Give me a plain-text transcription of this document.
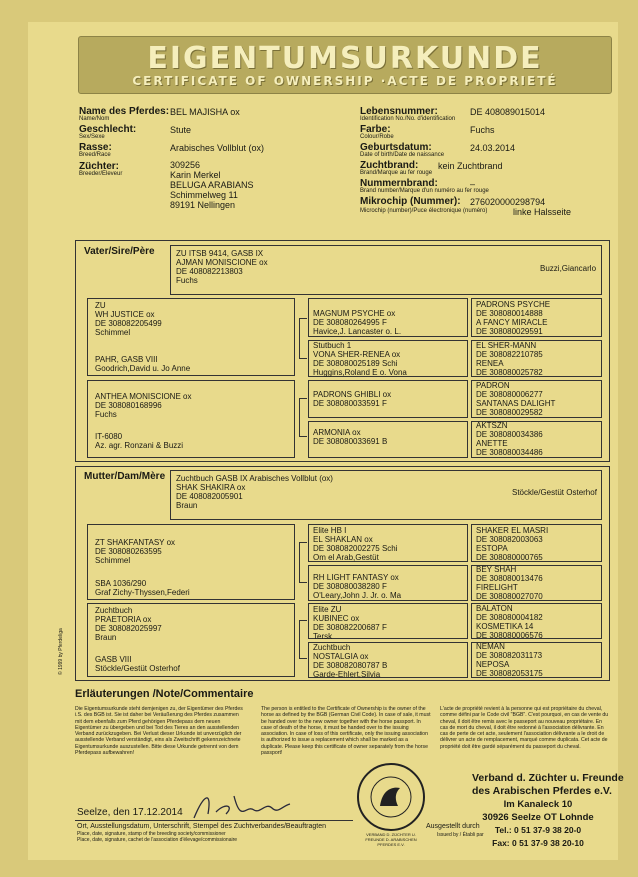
EIGENTUMSURKUNDE
CERTIFICATE OF OWNERSHIP ·ACTE DE PROPRIETÉ
Name des Pferdes:
Name/Nom
BEL MAJISHA ox
Geschlecht:
Sex/Sexe
Stute
Rasse:
Breed/Race
Arabisches Vollblut (ox)
Züchter:
Breeder/Eleveur
309256
Karin Merkel
BELUGA ARABIANS
Schimmelweg 11
89191 Nellingen
Lebensnummer:
Identification No./No. d'identification
DE 408089015014
Farbe:
Colour/Robe
Fuchs
Geburtsdatum:
Date of birth/Date de naissance
24.03.2014
Zuchtbrand:
Brand/Marque au fer rouge
kein Zuchtbrand
Nummernbrand:
Brand number/Marque d'un numéro au fer rouge
–
Mikrochip (Nummer):
Microchip (number)/Puce électronique (numéro)
276020000298794
linke Halsseite
Vater/Sire/Père	ZU ITSB 9414, GASB IX
AJMAN MONISCIONE ox
DE 408082213803
Fuchs
Buzzi,Giancarlo
ZU
WH JUSTICE ox
DE 308082205499
Schimmel
PAHR, GASB VIII
Goodrich,David u. Jo Anne
ANTHEA MONISCIONE ox
DE 308080168996
Fuchs
IT-6080
Az. agr. Ronzani & Buzzi
Mutter/Dam/Mère Zuchtbuch GASB IX Arabisches Vollblut (ox)
SHAK SHAKIRA ox
DE 408082005901
Braun
Stöckle/Gestüt Osterhof
ZT SHAKFANTASY ox
DE 308080263595
Schimmel
SBA 1036/290
Graf Zichy-Thyssen,Federi
Zuchtbuch
PRAETORIA ox
DE 308082025997
Braun
GASB VIII
Stöckle/Gestüt Osterhof
MAGNUM PSYCHE ox
DE 308080264995 F
Havice,J. Lancaster o. L.
Stutbuch 1
VONA SHER-RENEA ox
DE 308080025189 Schi
Huggins,Roland E o. Vona
PADRONS GHIBLI ox
DE 308080033591 F
ARMONIA ox
DE 308080033691 B
Elite HB I
EL SHAKLAN ox
DE 308082002275 Schi
Om el Arab,Gestüt
RH LIGHT FANTASY ox
DE 308080038280 F
O'Leary,John J. Jr. o. Ma
Elite ZU
KUBINEC ox
DE 308082200687 F
Tersk
Zuchtbuch
NOSTALGIA ox
DE 308082080787 B
Garde-Ehlert,Silvia
PADRONS PSYCHE
DE 308080014888
A FANCY MIRACLE
DE 308080029591
EL SHER-MANN
DE 308082210785
RENEA
DE 308080025782
PADRON
DE 308080006277
SANTANAS DALIGHT
DE 308080029582
AKTSZN
DE 308080034386
ANETTE
DE 308080034486
SHAKER EL MASRI
DE 308082003063
ESTOPA
DE 308080000765
BEY SHAH
DE 308080013476
FIRELIGHT
DE 308080027070
BALATON
DE 308080004182
KOSMETIKA 14
DE 308080006576
NEMAN
DE 308082031173
NEPOSA
DE 308082053175
© 1999 by Pferdeliga
Erläuterungen /Note/Commentaire
Die Eigentumsurkunde steht demjenigen zu, der Eigentümer des Pferdes i.S. des BGB ist. Sie ist daher bei Veräußerung des Pferdes zusammen mit dem ebenfalls zum Pferd gehörigen Pferdepass dem neuen Eigentümer zu übergeben und bei Tod des Tieres an den ausstellenden Verband zurückzugeben. Bei Verlust dieser Urkunde ist unverzüglich der ausstellende Verband verständigt, eins als Zweitschrift gekennzeichnete Eigentumsurkunde auszustellen. Bitte diese Urkunde getrennt von dem Pferdepass aufbewahren!
The person is entitled to the Certificate of Ownership is the owner of the horse as defined by the BGB (German Civil Code). In case of sale, it must be handed over to the new owner together with the horse passport. In case of death of the horse, it must be handed over to the issuing association. In case of loss of this certificate, only the issuing association is authorized to issue a replacement which shall be marked as a duplicate. Please keep this certificate of owner separately from the horse passport!
L'acte de propriété revient à la personne qui est propriétaire du cheval, comme défini par le Code civil "BGB". C'est pourquoi, en cas de vente du cheval, il doit être remis avec le passeport au nouveau propriétaire. En cas de mort du cheval, il doit être redonné à l'association délivrante. En cas de perte de cet acte, seulement l'association délivrante a le droit de délivrer un acte de remplacement, marqué comme duplicata. Cet acte de propriété doit être gardé séparément du passeport du cheval.
Seelze, den 17.12.2014
Ort, Ausstellungsdatum, Unterschrift, Stempel des Zuchtverbandes/Beauftragten
Place, date, signature, stamp of the breeding society/commissioner
Place, date, signature, cachet de l'association d'élevage/commissionaire
VERBAND D. ZÜCHTER U. FREUNDE D. ARABISCHEN PFERDES E.V.
Ausgestellt durch
Issued by / Établi par
Verband d. Züchter u. Freunde
des Arabischen Pferdes e.V.
Im Kanaleck 10
30926 Seelze OT Lohnde
Tel.: 0 51 37-9 38 20-0
Fax: 0 51 37-9 38 20-10
